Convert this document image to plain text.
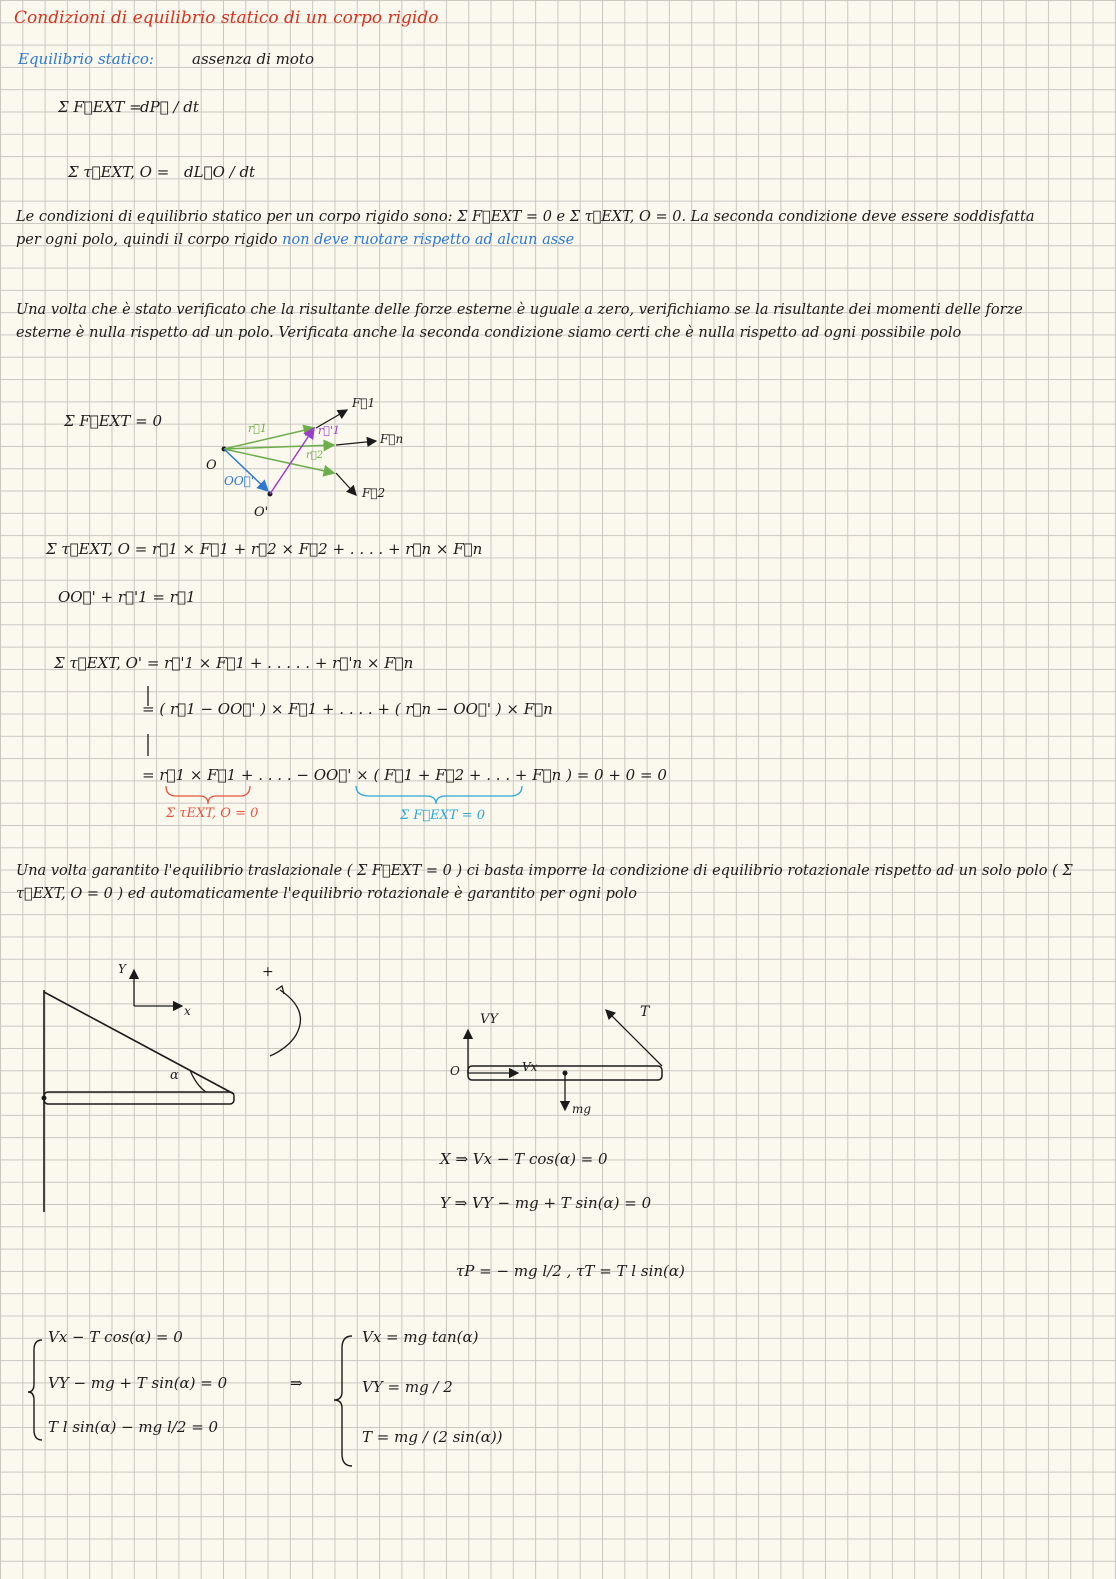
Condizioni di equilibrio statico di un corpo rigido
Equilibrio statico:	assenza di moto
Σ F⃗EXT =
dP⃗ / dt
Σ τ⃗EXT, O = dL⃗O / dt
Le condizioni di equilibrio statico per un corpo rigido sono: Σ F⃗EXT = 0 e Σ τ⃗EXT, O = 0. La seconda condizione deve essere soddisfatta per ogni polo, quindi il corpo rigido non deve ruotare rispetto ad alcun asse
Una volta che è stato verificato che la risultante delle forze esterne è uguale a zero, verifichiamo se la risultante dei momenti delle forze esterne è nulla rispetto ad un polo. Verificata anche la seconda condizione siamo certi che è nulla rispetto ad ogni possibile polo
Σ F⃗EXT = 0
O
O'
OO⃗'
r⃗1	r⃗'1
r⃗2
F⃗1
F⃗n
F⃗2
Σ τ⃗EXT, O = r⃗1 × F⃗1 + r⃗2 × F⃗2 + . . . . + r⃗n × F⃗n
OO⃗' + r⃗'1 = r⃗1
Σ τ⃗EXT, O' = r⃗'1 × F⃗1 + . . . . . + r⃗'n × F⃗n
= ( r⃗1 − OO⃗' ) × F⃗1 + . . . . + ( r⃗n − OO⃗' ) × F⃗n
= r⃗1 × F⃗1 + . . . . − OO⃗' × ( F⃗1 + F⃗2 + . . . + F⃗n ) = 0 + 0 = 0
Σ τEXT, O = 0	Σ F⃗EXT = 0
Una volta garantito l'equilibrio traslazionale ( Σ F⃗EXT = 0 ) ci basta imporre la condizione di equilibrio rotazionale rispetto ad un solo polo ( Σ τ⃗EXT, O = 0 ) ed automaticamente l'equilibrio rotazionale è garantito per ogni polo
Y
x
+
α	O
VY
Vx
T
mg
X ⇒ Vx − T cos(α) = 0
Y ⇒ VY − mg + T sin(α) = 0
τP = − mg l/2 , τT = T l sin(α)
Vx − T cos(α) = 0
VY − mg + T sin(α) = 0
T l sin(α) − mg l/2 = 0
⇒
Vx = mg tan(α)
VY = mg / 2
T = mg / (2 sin(α))
